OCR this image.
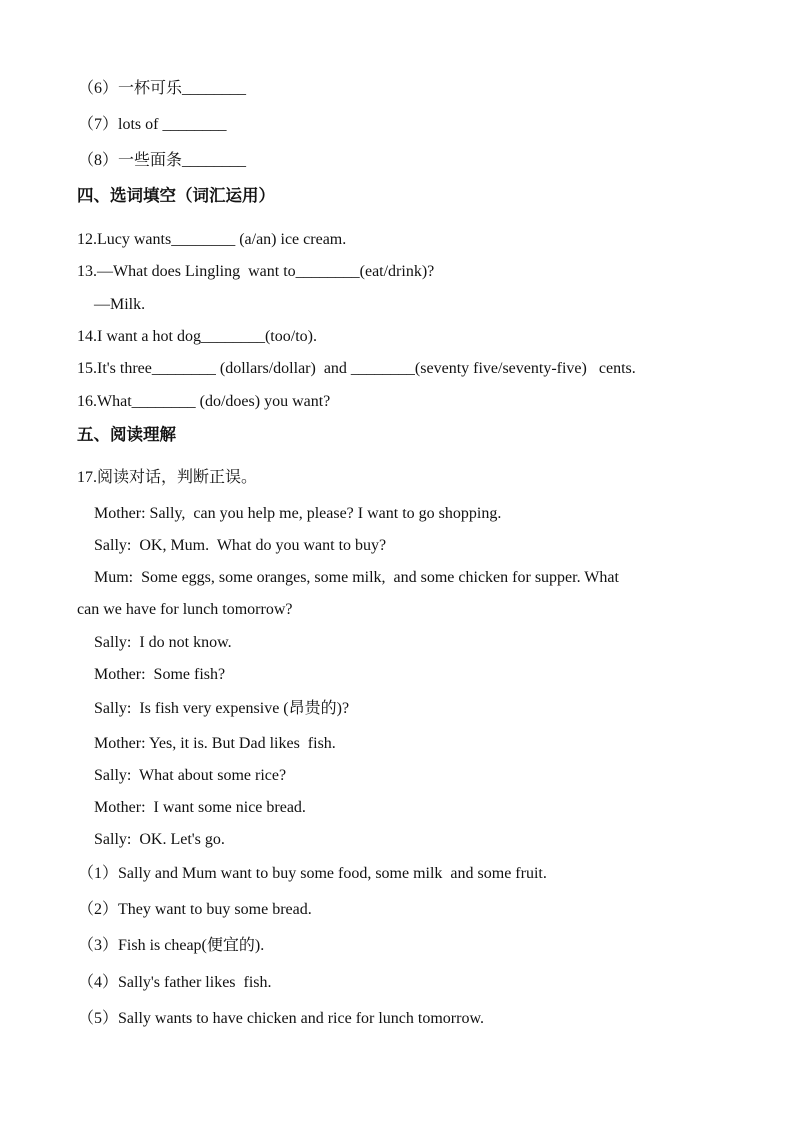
（6）一杯可乐________
（7）lots of ________
（8）一些面条________
四、选词填空（词汇运用）
12.Lucy wants________ (a/an) ice cream.
13.—What does Lingling  want to________(eat/drink)?
—Milk.
14.I want a hot dog________(too/to).
15.It's three________ (dollars/dollar)  and ________(seventy five/seventy-five)   cents.
16.What________ (do/does) you want?
五、阅读理解
17.阅读对话，判断正误。
Mother: Sally,  can you help me, please? I want to go shopping.
Sally:  OK, Mum.  What do you want to buy?
Mum:  Some eggs, some oranges, some milk,  and some chicken for supper. What
can we have for lunch tomorrow?
Sally:  I do not know.
Mother:  Some fish?
Sally:  Is fish very expensive (昂贵的)?
Mother: Yes, it is. But Dad likes  fish.
Sally:  What about some rice?
Mother:  I want some nice bread.
Sally:  OK. Let's go.
（1）Sally and Mum want to buy some food, some milk  and some fruit.
（2）They want to buy some bread.
（3）Fish is cheap(便宜的).
（4）Sally's father likes  fish.
（5）Sally wants to have chicken and rice for lunch tomorrow.
